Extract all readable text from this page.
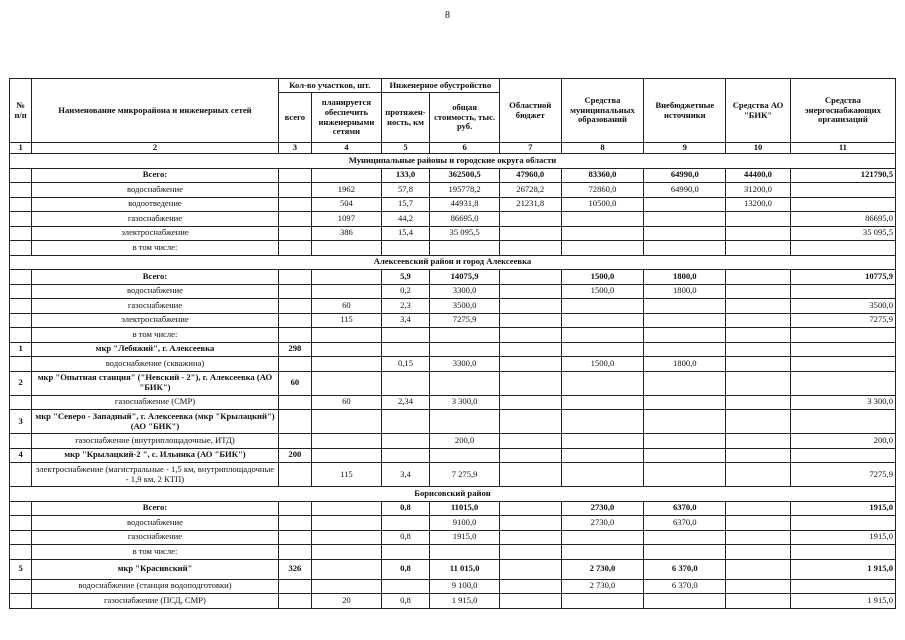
8
№ п/п	Наименование микрорайона и инженерных сетей	Кол-во участков, шт.		Инженерное обустройство		Областной бюджет	Средства муниципальных образований	Внебюджетные источники	Средства АО "БИК"	Средства энергоснабжающих организаций
		всего	планируется обеспечить инженерными сетями	протяжен-ность, км	общая стоимость, тыс. руб.					
1	2	3	4	5	6	7	8	9	10	11
Муниципальные районы и городские округа области										
	Всего:			133,0	362500,5	47960,0	83360,0	64990,0	44400,0	121790,5
	водоснабжение		1962	57,8	195778,2	26728,2	72860,0	64990,0	31200,0	
	водоотведение		504	15,7	44931,8	21231,8	10500,0		13200,0	
	газоснабжение		1097	44,2	86695,0					86695,0
	электроснабжение		386	15,4	35 095,5					35 095,5
	в том числе:									
Алексеевский район и город Алексеевка										
	Всего:			5,9	14075,9		1500,0	1800,0		10775,9
	водоснабжение			0,2	3300,0		1500,0	1800,0		
	газоснабжение		60	2,3	3500,0					3500,0
	электроснабжение		115	3,4	7275,9					7275,9
	в том числе:									
1	мкр "Лебяжий", г. Алексеевка	298								
	водоснабжение (скважина)			0,15	3300,0		1500,0	1800,0		
2	мкр "Опытная станция" ("Невский - 2"), г. Алексеевка (АО "БИК")	60								
	газоснабжение (СМР)		60	2,34	3 300,0					3 300,0
3	мкр "Северо - Западный", г. Алексеевка (мкр "Крылацкий") (АО "БИК")									
	газоснабжение (внутриплощадочные, ИТД)				200,0					200,0
4	мкр "Крылацкий-2 ", с. Ильинка (АО "БИК")	200								
	электроснабжение (магистральные - 1,5 км, внутриплощадочные - 1,9 км, 2 КТП)		115	3,4	7 275,9					7275,9
Борисовский район										
	Всего:			0,8	11015,0		2730,0	6370,0		1915,0
	водоснабжение				9100,0		2730,0	6370,0		
	газоснабжение			0,8	1915,0					1915,0
	в том числе:									
5	мкр "Красивский"	326		0,8	11 015,0		2 730,0	6 370,0		1 915,0
	водоснабжение (станция водоподготовки)				9 100,0		2 730,0	6 370,0		
	газоснабжение (ПСД, СМР)		20	0,8	1 915,0					1 915,0
